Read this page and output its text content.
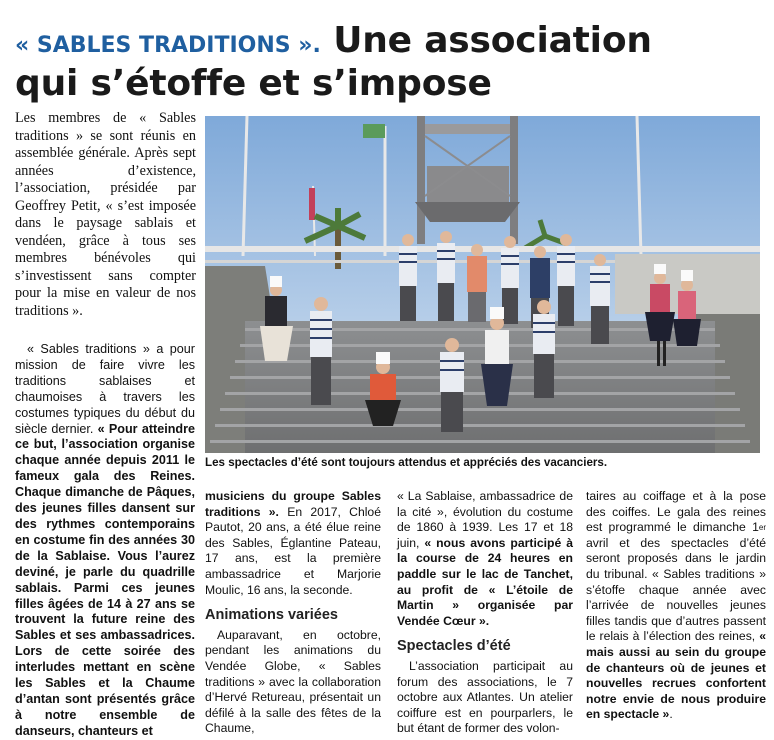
« SABLES TRADITIONS ». Une association
qui s’étoffe et s’impose

Les membres de « Sables traditions » se sont réunis en assemblée générale. Après sept années d’existence, l’association, présidée par Geoffrey Petit, « s’est imposée dans le paysage sablais et vendéen, grâce à tous ses membres bénévoles qui s’investissent sans compter pour la mise en valeur de nos traditions ».

« Sables traditions » a pour mission de faire vivre les traditions sablaises et chaumoises à travers les costumes typiques du début du siècle dernier. « Pour atteindre ce but, l’association organise chaque année depuis 2011 le fameux gala des Reines. Chaque dimanche de Pâques, des jeunes filles dansent sur des rythmes contemporains en costume fin des années 30 de la Sablaise. Vous l’aurez deviné, je parle du quadrille sablais. Parmi ces jeunes filles âgées de 14 à 27 ans se trouvent la future reine des Sables et ses ambassadrices. Lors de cette soirée des interludes mettant en scène les Sables et la Chaume d’antan sont présentés grâce à notre ensemble de danseurs, chanteurs et

Les spectacles d’été sont toujours attendus et appréciés des vacanciers.

musiciens du groupe Sables traditions ». En 2017, Chloé Pautot, 20 ans, a été élue reine des Sables, Églantine Pateau, 17 ans, est la première ambassadrice et Marjorie Moulic, 16 ans, la seconde.

Animations variées

Auparavant, en octobre, pendant les animations du Vendée Globe, « Sables traditions » avec la collaboration d’Hervé Retureau, présentait un défilé à la salle des fêtes de la Chaume,

« La Sablaise, ambassadrice de la cité », évolution du costume de 1860 à 1939. Les 17 et 18 juin, « nous avons participé à la course de 24 heures en paddle sur le lac de Tanchet, au profit de « L’étoile de Martin » organisée par Vendée Cœur ».

Spectacles d’été

L’association participait au forum des associations, le 7 octobre aux Atlantes. Un atelier coiffure est en pourparlers, le but étant de former des volon-

taires au coiffage et à la pose des coiffes. Le gala des reines est programmé le dimanche 1er avril et des spectacles d’été seront proposés dans le jardin du tribunal. « Sables traditions » s’étoffe chaque année avec l’arrivée de nouvelles jeunes filles tandis que d’autres passent le relais à l’élection des reines, « mais aussi au sein du groupe de chanteurs où de jeunes et nouvelles recrues confortent notre envie de nous produire en spectacle ».
